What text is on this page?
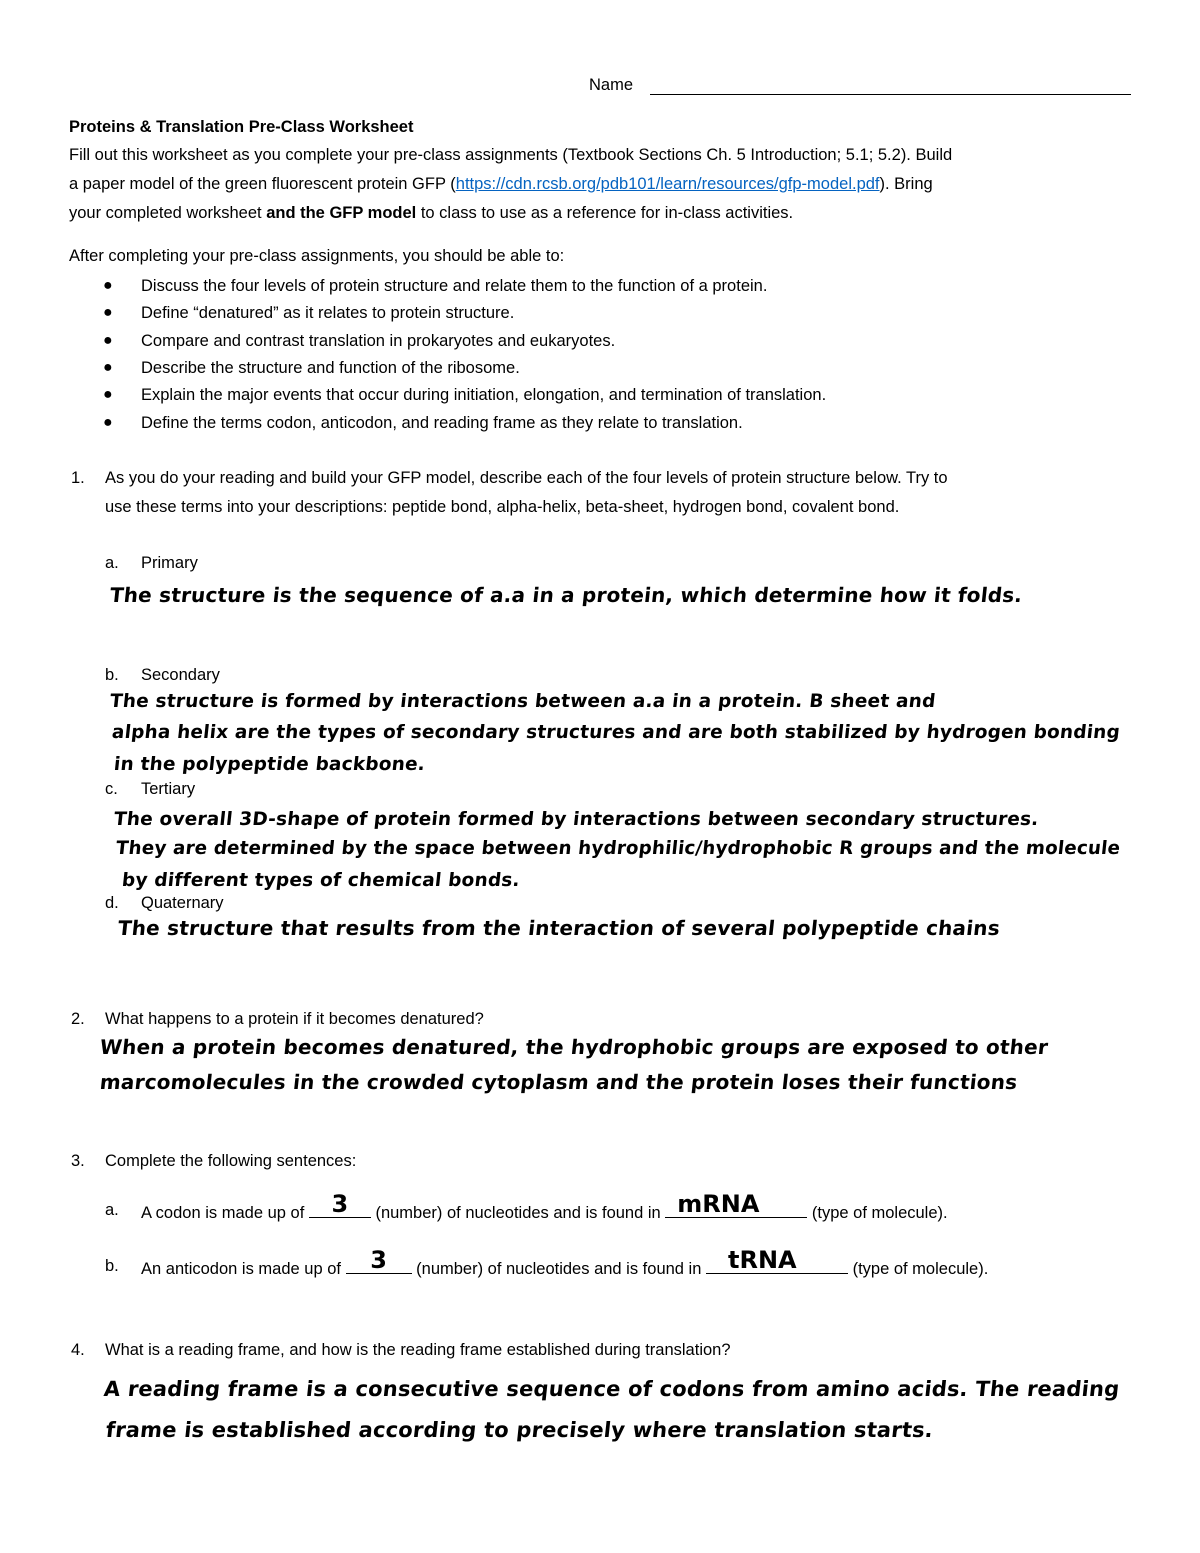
Name
Proteins & Translation Pre-Class Worksheet
Fill out this worksheet as you complete your pre-class assignments (Textbook Sections Ch. 5 Introduction; 5.1; 5.2). Build
a paper model of the green fluorescent protein GFP (https://cdn.rcsb.org/pdb101/learn/resources/gfp-model.pdf). Bring
your completed worksheet and the GFP model to class to use as a reference for in-class activities.
After completing your pre-class assignments, you should be able to:
● Discuss the four levels of protein structure and relate them to the function of a protein.
● Define “denatured” as it relates to protein structure.
● Compare and contrast translation in prokaryotes and eukaryotes.
● Describe the structure and function of the ribosome.
● Explain the major events that occur during initiation, elongation, and termination of translation.
● Define the terms codon, anticodon, and reading frame as they relate to translation.
1. As you do your reading and build your GFP model, describe each of the four levels of protein structure below. Try to
use these terms into your descriptions: peptide bond, alpha-helix, beta-sheet, hydrogen bond, covalent bond.
a. Primary
The structure is the sequence of a.a in a protein, which determine how it folds.
b. Secondary
The structure is formed by interactions between a.a in a protein. B sheet and
alpha helix are the types of secondary structures and are both stabilized by hydrogen bonding
in the polypeptide backbone.
c. Tertiary
The overall 3D-shape of protein formed by interactions between secondary structures.
They are determined by the space between hydrophilic/hydrophobic R groups and the molecule
by different types of chemical bonds.
d. Quaternary
The structure that results from the interaction of several polypeptide chains
2. What happens to a protein if it becomes denatured?
When a protein becomes denatured, the hydrophobic groups are exposed to other
marcomolecules in the crowded cytoplasm and the protein loses their functions
3. Complete the following sentences:
a. A codon is made up of 3	(number) of nucleotides and is found in mRNA	(type of molecule).
b. An anticodon is made up of	3	(number) of nucleotides and is found in tRNA	(type of molecule).
4. What is a reading frame, and how is the reading frame established during translation?
A reading frame is a consecutive sequence of codons from amino acids. The reading
frame is established according to precisely where translation starts.
